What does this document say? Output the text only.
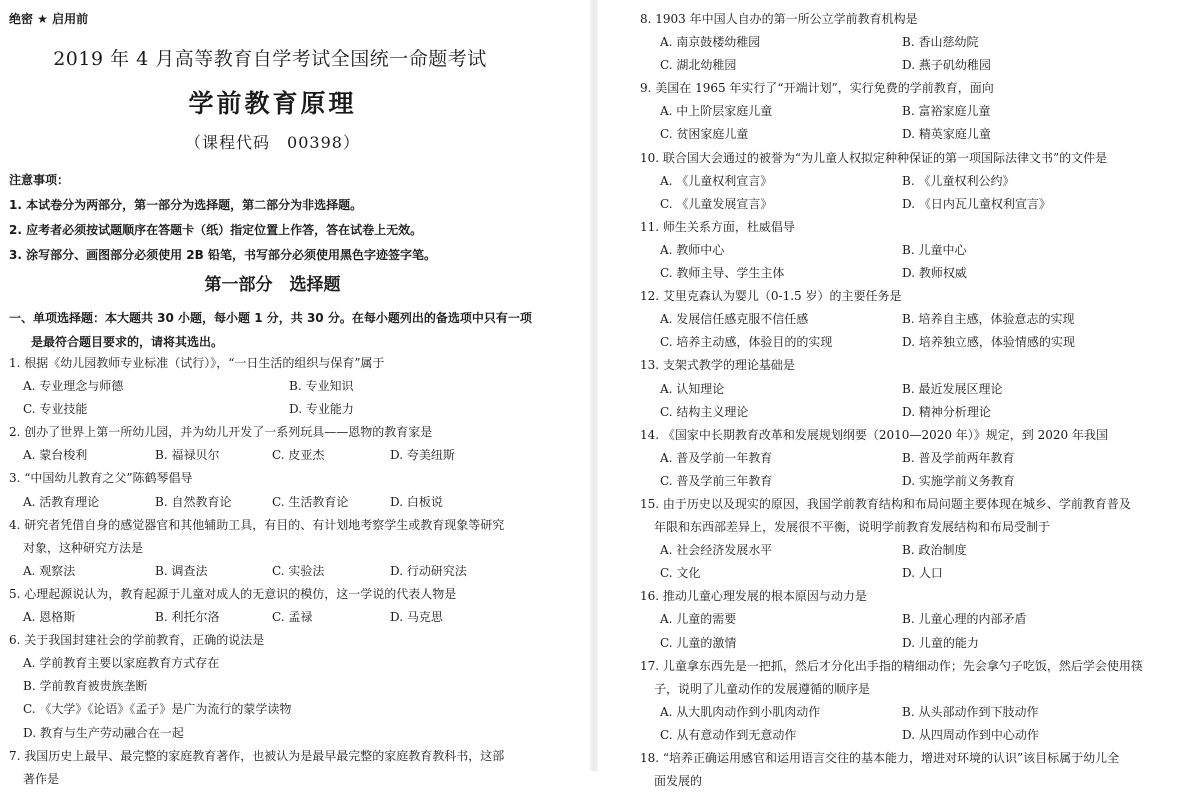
绝密 ★ 启用前
2019 年 4 月高等教育自学考试全国统一命题考试
学前教育原理
（课程代码　00398）
注意事项：
1. 本试卷分为两部分，第一部分为选择题，第二部分为非选择题。
2. 应考者必须按试题顺序在答题卡（纸）指定位置上作答，答在试卷上无效。
3. 涂写部分、画图部分必须使用 2B 铅笔，书写部分必须使用黑色字迹签字笔。
第一部分　选择题
一、单项选择题：本大题共 30 小题，每小题 1 分，共 30 分。在每小题列出的备选项中只有一项
是最符合题目要求的，请将其选出。
1. 根据《幼儿园教师专业标准（试行）》，“一日生活的组织与保育”属于
A. 专业理念与师德	B. 专业知识
C. 专业技能	D. 专业能力
2. 创办了世界上第一所幼儿园，并为幼儿开发了一系列玩具——恩物的教育家是
A. 蒙台梭利	B. 福禄贝尔	C. 皮亚杰	D. 夸美纽斯
3. “中国幼儿教育之父”陈鹤琴倡导
A. 活教育理论	B. 自然教育论	C. 生活教育论	D. 白板说
4. 研究者凭借自身的感觉器官和其他辅助工具，有目的、有计划地考察学生或教育现象等研究
对象，这种研究方法是
A. 观察法	B. 调查法	C. 实验法	D. 行动研究法
5. 心理起源说认为，教育起源于儿童对成人的无意识的模仿，这一学说的代表人物是
A. 恩格斯	B. 利托尔洛	C. 孟禄	D. 马克思
6. 关于我国封建社会的学前教育，正确的说法是
A. 学前教育主要以家庭教育方式存在
B. 学前教育被贵族垄断
C. 《大学》《论语》《孟子》是广为流行的蒙学读物
D. 教育与生产劳动融合在一起
7. 我国历史上最早、最完整的家庭教育著作，也被认为是最早最完整的家庭教育教科书，这部
著作是
8. 1903 年中国人自办的第一所公立学前教育机构是
A. 南京鼓楼幼稚园	B. 香山慈幼院
C. 湖北幼稚园	D. 燕子矶幼稚园
9. 美国在 1965 年实行了“开端计划”，实行免费的学前教育，面向
A. 中上阶层家庭儿童	B. 富裕家庭儿童
C. 贫困家庭儿童	D. 精英家庭儿童
10. 联合国大会通过的被誉为“为儿童人权拟定种种保证的第一项国际法律文书”的文件是
A. 《儿童权利宣言》	B. 《儿童权利公约》
C. 《儿童发展宣言》	D. 《日内瓦儿童权利宣言》
11. 师生关系方面，杜威倡导
A. 教师中心	B. 儿童中心
C. 教师主导、学生主体	D. 教师权威
12. 艾里克森认为婴儿（0-1.5 岁）的主要任务是
A. 发展信任感克服不信任感	B. 培养自主感，体验意志的实现
C. 培养主动感，体验目的的实现	D. 培养独立感，体验情感的实现
13. 支架式教学的理论基础是
A. 认知理论	B. 最近发展区理论
C. 结构主义理论	D. 精神分析理论
14. 《国家中长期教育改革和发展规划纲要（2010—2020 年）》规定，到 2020 年我国
A. 普及学前一年教育	B. 普及学前两年教育
C. 普及学前三年教育	D. 实施学前义务教育
15. 由于历史以及现实的原因，我国学前教育结构和布局问题主要体现在城乡、学前教育普及
年限和东西部差异上，发展很不平衡，说明学前教育发展结构和布局受制于
A. 社会经济发展水平	B. 政治制度
C. 文化	D. 人口
16. 推动儿童心理发展的根本原因与动力是
A. 儿童的需要	B. 儿童心理的内部矛盾
C. 儿童的激情	D. 儿童的能力
17. 儿童拿东西先是一把抓，然后才分化出手指的精细动作；先会拿勺子吃饭，然后学会使用筷
子，说明了儿童动作的发展遵循的顺序是
A. 从大肌肉动作到小肌肉动作	B. 从头部动作到下肢动作
C. 从有意动作到无意动作	D. 从四周动作到中心动作
18. “培养正确运用感官和运用语言交往的基本能力，增进对环境的认识”该目标属于幼儿全
面发展的
